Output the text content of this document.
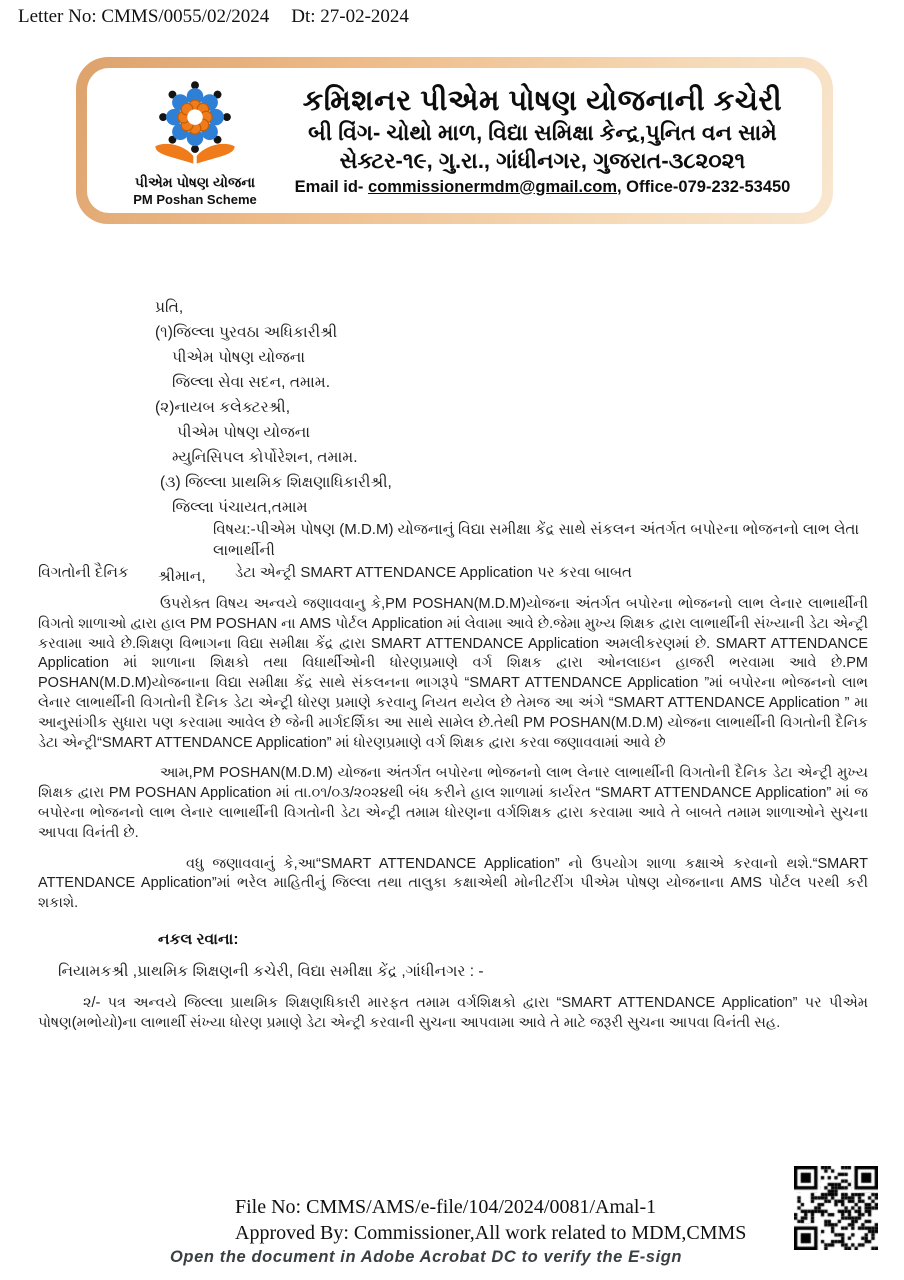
Letter No: CMMS/0055/02/2024 Dt: 27-02-2024
પીએમ પોષણ યોજના
PM Poshan Scheme
કમિશનર પીએમ પોષણ યોજનાની કચેરી
બી વિંગ- ચોથો માળ, વિદ્યા સમિક્ષા કેન્દ્ર,પુનિત વન સામે
સેક્ટર-૧૯, ગુ.રા., ગાંધીનગર, ગુજરાત-૩૮૨૦૨૧
Email id- commissionermdm@gmail.com, Office-079-232-53450
પ્રતિ,
(૧)જિલ્લા પુરવઠા અધિકારીશ્રી
પીએમ પોષણ યોજના
જિલ્લા સેવા સદન, તમામ.
(૨)નાયબ કલેક્ટરશ્રી,
પીએમ પોષણ યોજના
મ્યુનિસિપલ કોર્પોરેશન, તમામ.
(૩) જિલ્લા પ્રાથમિક શિક્ષણાધિકારીશ્રી,
જિલ્લા પંચાયત,તમામ
વિષય:-પીએમ પોષણ (M.D.M) યોજનાનું વિદ્યા સમીક્ષા કેંદ્ર સાથે સંકલન અંતર્ગત બપોરના ભોજનનો લાભ લેતા લાભાર્થીની
વિગતોની દૈનિક	ડેટા એન્ટ્રી SMART ATTENDANCE Application પર કરવા બાબત
શ્રીમાન,

ઉપરોક્ત વિષય અન્વયે જણાવવાનુ કે,PM POSHAN(M.D.M)યોજના અંતર્ગત બપોરના ભોજનનો લાભ લેનાર લાભાર્થીની વિગતો શાળાઓ દ્વારા હાલ PM POSHAN ના AMS પોર્ટલ Application માં લેવામા આવે છે.જેમા મુખ્ય શિક્ષક દ્વારા લાભાર્થીની સંખ્યાની ડેટા એન્ટ્રી કરવામા આવે છે.શિક્ષણ વિભાગના વિદ્યા સમીક્ષા કેંદ્ર દ્વારા SMART ATTENDANCE Application અમલીકરણમાં છે. SMART ATTENDANCE Application માં શાળાના શિક્ષકો તથા વિધાર્થીઓની ધોરણપ્રમાણે વર્ગ શિક્ષક દ્વારા ઓનલાઇન હાજરી ભરવામા આવે છે.PM POSHAN(M.D.M)યોજનાના વિદ્યા સમીક્ષા કેંદ્ર સાથે સંકલનના ભાગરૂપે “SMART ATTENDANCE Application ”માં બપોરના ભોજનનો લાભ લેનાર લાભાર્થીની વિગતોની દૈનિક ડેટા એન્ટ્રી ધોરણ પ્રમાણે કરવાનુ નિયત થયેલ છે તેમજ આ અંગે “SMART ATTENDANCE Application ” મા આનુસાંગીક સુધારા પણ કરવામા આવેલ છે જેની માર્ગદર્શિકા આ સાથે સામેલ છે.તેથી PM POSHAN(M.D.M) યોજના લાભાર્થીની વિગતોની દૈનિક ડેટા એન્ટ્રી“SMART ATTENDANCE Application” માં ધોરણપ્રમાણે વર્ગ શિક્ષક દ્વારા કરવા જણાવવામાં આવે છે

આમ,PM POSHAN(M.D.M) યોજના અંતર્ગત બપોરના ભોજનનો લાભ લેનાર લાભાર્થીની વિગતોની દૈનિક ડેટા એન્ટ્રી મુખ્ય શિક્ષક દ્વારા PM POSHAN Application માં તા.૦૧/૦૩/૨૦૨૪થી બંધ કરીને હાલ શાળામાં કાર્યરત “SMART ATTENDANCE Application” માં જ બપોરના ભોજનનો લાભ લેનાર લાભાર્થીની વિગતોની ડેટા એન્ટ્રી તમામ ધોરણના વર્ગશિક્ષક દ્વારા કરવામા આવે તે બાબતે તમામ શાળાઓને સુચના આપવા વિનંતી છે.

વધુ જણાવવાનું કે,આ“SMART ATTENDANCE Application” નો ઉપયોગ શાળા કક્ષાએ કરવાનો થશે.“SMART ATTENDANCE Application”માં ભરેલ માહિતીનું જિલ્લા તથા તાલુકા કક્ષાએથી મોનીટરીંગ પીએમ પોષણ યોજનાના AMS પોર્ટલ પરથી કરી શકાશે.

નકલ રવાના:
નિયામકશ્રી ,પ્રાથમિક શિક્ષણની કચેરી, વિદ્યા સમીક્ષા કેંદ્ર ,ગાંધીનગર : -

૨/- પત્ર અન્વયે જિલ્લા પ્રાથમિક શિક્ષણધિકારી મારફત તમામ વર્ગશિક્ષકો દ્વારા “SMART ATTENDANCE Application” પર પીએમ પોષણ(મભોયો)ના લાભાર્થી સંખ્યા ધોરણ પ્રમાણે ડેટા એન્ટ્રી કરવાની સુચના આપવામા આવે તે માટે જરૂરી સુચના આપવા વિનંતી સહ.

File No: CMMS/AMS/e-file/104/2024/0081/Amal-1
Approved By: Commissioner,All work related to MDM,CMMS
Open the document in Adobe Acrobat DC to verify the E-sign
